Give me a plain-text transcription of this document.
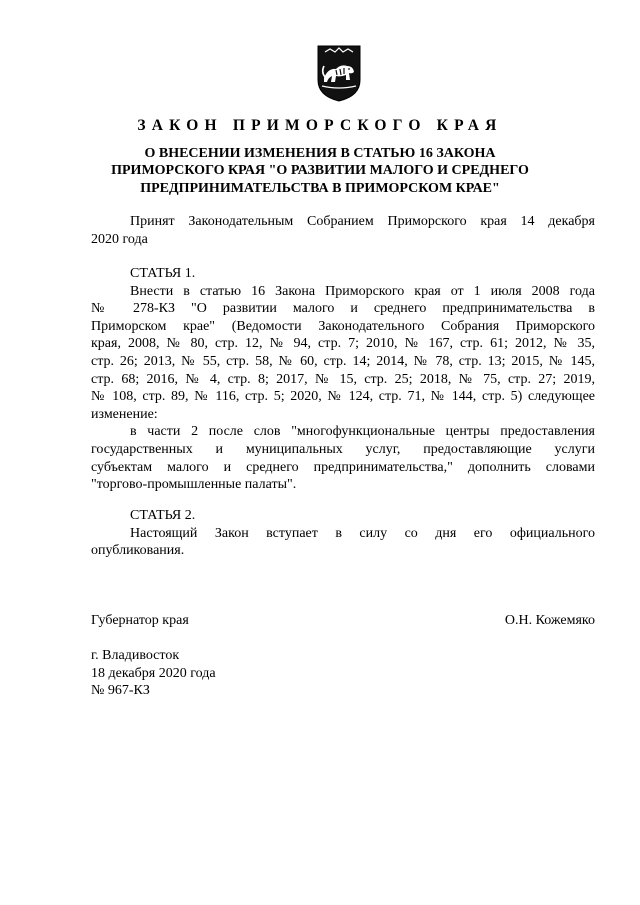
ЗАКОН ПРИМОРСКОГО КРАЯ
О ВНЕСЕНИИ ИЗМЕНЕНИЯ В СТАТЬЮ 16 ЗАКОНА
ПРИМОРСКОГО КРАЯ "О РАЗВИТИИ МАЛОГО И СРЕДНЕГО
ПРЕДПРИНИМАТЕЛЬСТВА В ПРИМОРСКОМ КРАЕ"
Принят Законодательным Собранием Приморского края 14 декабря
2020 года
СТАТЬЯ 1.
Внести в статью 16 Закона Приморского края от 1 июля 2008 года
№ 278-КЗ "О развитии малого и среднего предпринимательства в
Приморском крае" (Ведомости Законодательного Собрания Приморского
края, 2008, № 80, стр. 12, № 94, стр. 7; 2010, № 167, стр. 61; 2012, № 35,
стр. 26; 2013, № 55, стр. 58, № 60, стр. 14; 2014, № 78, стр. 13; 2015, № 145,
стр. 68; 2016, № 4, стр. 8; 2017, № 15, стр. 25; 2018, № 75, стр. 27; 2019,
№ 108, стр. 89, № 116, стр. 5; 2020, № 124, стр. 71, № 144, стр. 5) следующее
изменение:
в части 2 после слов "многофункциональные центры предоставления
государственных и муниципальных услуг, предоставляющие услуги
субъектам малого и среднего предпринимательства," дополнить словами
"торгово-промышленные палаты".
СТАТЬЯ 2.
Настоящий Закон вступает в силу со дня его официального
опубликования.
Губернатор края	О.Н. Кожемяко
г. Владивосток
18 декабря 2020 года
№ 967-КЗ
